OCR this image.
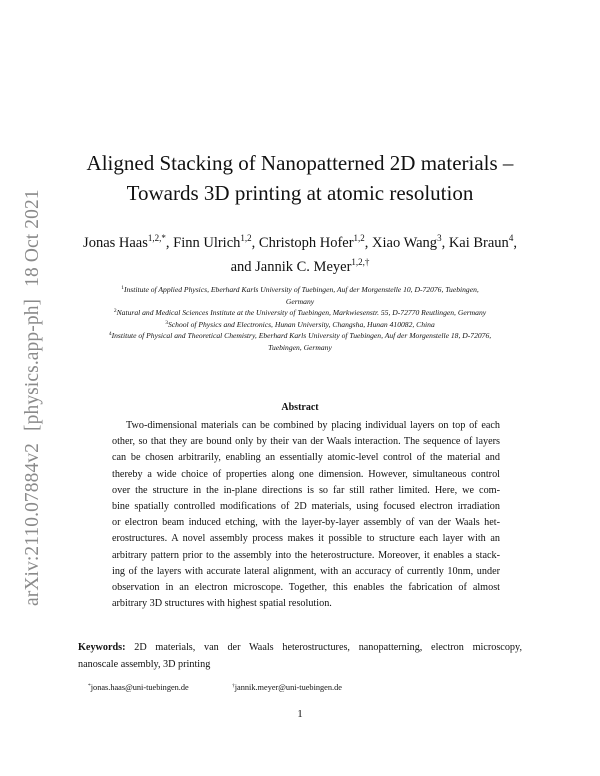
arXiv:2110.07884v2[physics.app-ph]18 Oct 2021
Aligned Stacking of Nanopatterned 2D materials –
Towards 3D printing at atomic resolution
Jonas Haas$^{1,2,*}$, Finn Ulrich$^{1,2}$, Christoph Hofer$^{1,2}$, Xiao Wang$^3$, Kai Braun$^4$,
and Jannik C. Meyer$^{1,2,\dagger}$
$^1$Institute of Applied Physics, Eberhard Karls University of Tuebingen, Auf der Morgenstelle 10, D-72076, Tuebingen,
Germany
$^2$Natural and Medical Sciences Institute at the University of Tuebingen, Markwiesenstr. 55, D-72770 Reutlingen, Germany
$^3$School of Physics and Electronics, Hunan University, Changsha, Hunan 410082, China
$^4$Institute of Physical and Theoretical Chemistry, Eberhard Karls University of Tuebingen, Auf der Morgenstelle 18, D-72076,
Tuebingen, Germany
Abstract
Two-dimensional materials can be combined by placing individual layers on top of each
other, so that they are bound only by their van der Waals interaction. The sequence of layers
can be chosen arbitrarily, enabling an essentially atomic-level control of the material and
thereby a wide choice of properties along one dimension. However, simultaneous control
over the structure in the in-plane directions is so far still rather limited. Here, we com-
bine spatially controlled modifications of 2D materials, using focused electron irradiation
or electron beam induced etching, with the layer-by-layer assembly of van der Waals het-
erostructures. A novel assembly process makes it possible to structure each layer with an
arbitrary pattern prior to the assembly into the heterostructure. Moreover, it enables a stack-
ing of the layers with accurate lateral alignment, with an accuracy of currently 10nm, under
observation in an electron microscope. Together, this enables the fabrication of almost
arbitrary 3D structures with highest spatial resolution.
Keywords: 2D materials, van der Waals heterostructures, nanopatterning, electron microscopy,
nanoscale assembly, 3D printing
*jonas.haas@uni-tuebingen.de	†jannik.meyer@uni-tuebingen.de
1
